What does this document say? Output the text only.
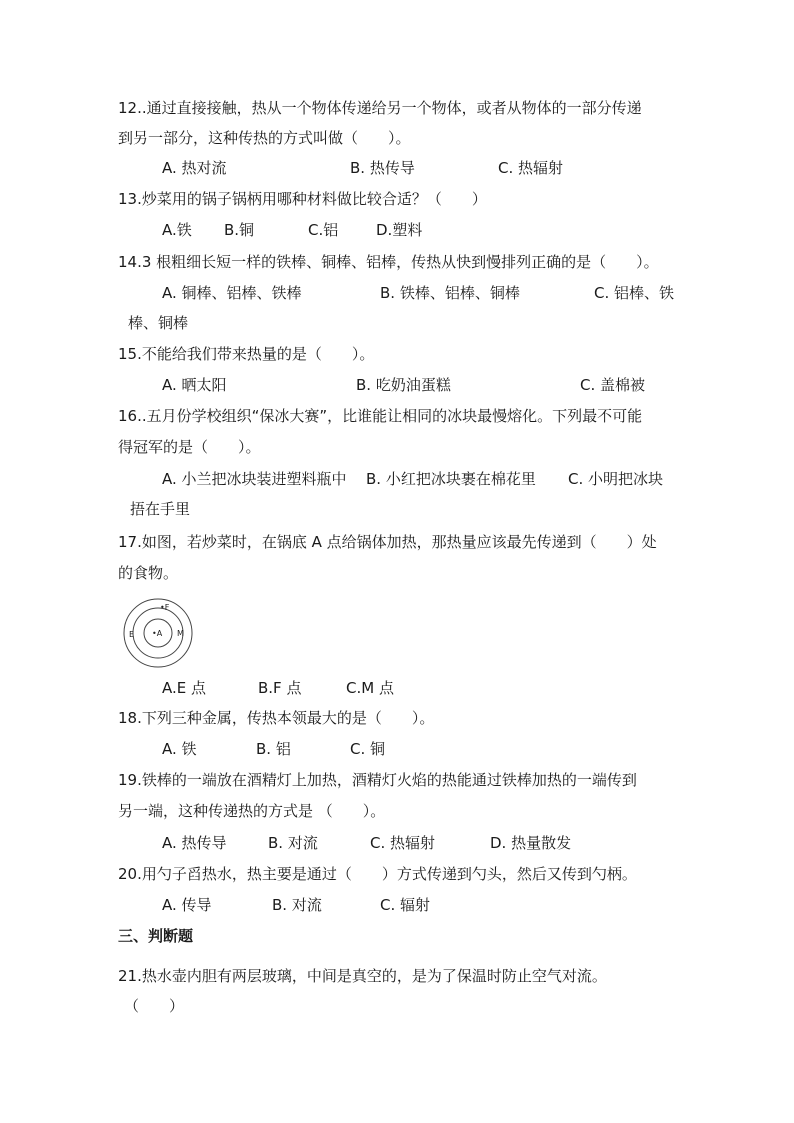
12..通过直接接触，热从一个物体传递给另一个物体，或者从物体的一部分传递
到另一部分，这种传热的方式叫做（　　）。
A. 热对流	B. 热传导	C. 热辐射
13.炒菜用的锅子锅柄用哪种材料做比较合适？（　　）
A.铁 B.铜	C.铝	D.塑料
14.3 根粗细长短一样的铁棒、铜棒、铝棒，传热从快到慢排列正确的是（　　）。
A. 铜棒、铝棒、铁棒	B. 铁棒、铝棒、铜棒	C. 铝棒、铁
棒、铜棒
15.不能给我们带来热量的是（　　）。
A. 晒太阳	B. 吃奶油蛋糕	C. 盖棉被
16..五月份学校组织“保冰大赛”，比谁能让相同的冰块最慢熔化。下列最不可能
得冠军的是（　　）。
A. 小兰把冰块装进塑料瓶中 B. 小红把冰块裹在棉花里 C. 小明把冰块
捂在手里
17.如图，若炒菜时，在锅底 A 点给锅体加热，那热量应该最先传递到（　　）处
的食物。
•A
•F
E	M
A.E 点	B.F 点	C.M 点
18.下列三种金属，传热本领最大的是（　　）。
A. 铁	B. 铝	C. 铜
19.铁棒的一端放在酒精灯上加热，酒精灯火焰的热能通过铁棒加热的一端传到
另一端，这种传递热的方式是 （　　）。
A. 热传导	B. 对流	C. 热辐射	D. 热量散发
20.用勺子舀热水，热主要是通过（　　）方式传递到勺头，然后又传到勺柄。
A. 传导	B. 对流	C. 辐射
三、判断题
21.热水壶内胆有两层玻璃，中间是真空的，是为了保温时防止空气对流。
（　　）
